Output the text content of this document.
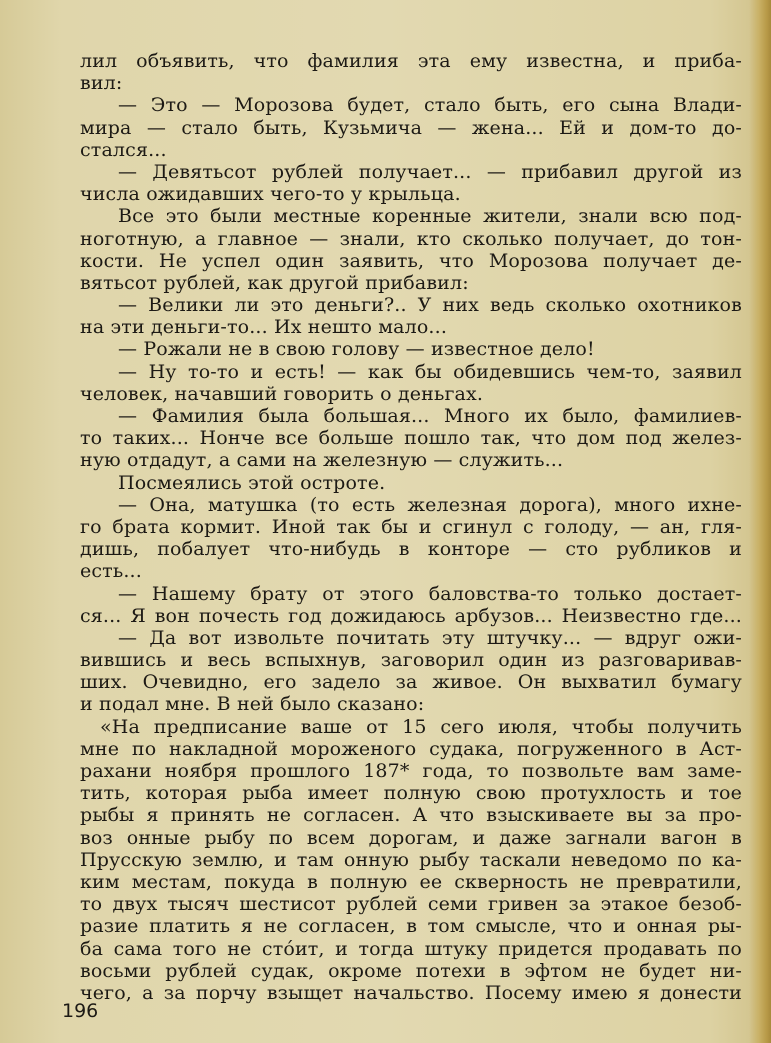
лил объявить, что фамилия эта ему известна, и приба-
вил:
— Это — Морозова будет, стало быть, его сына Влади-
мира — стало быть, Кузьмича — жена... Ей и дом-то до-
стался...
— Девятьсот рублей получает... — прибавил другой из
числа ожидавших чего-то у крыльца.
Все это были местные коренные жители, знали всю под-
ноготную, а главное — знали, кто сколько получает, до тон-
кости. Не успел один заявить, что Морозова получает де-
вятьсот рублей, как другой прибавил:
— Велики ли это деньги?.. У них ведь сколько охотников
на эти деньги-то... Их нешто мало...
— Рожали не в свою голову — известное дело!
— Ну то-то и есть! — как бы обидевшись чем-то, заявил
человек, начавший говорить о деньгах.
— Фамилия была большая... Много их было, фамилиев-
то таких... Нонче все больше пошло так, что дом под желез-
ную отдадут, а сами на железную — служить...
Посмеялись этой остроте.
— Она, матушка (то есть железная дорога), много ихне-
го брата кормит. Иной так бы и сгинул с голоду, — ан, гля-
дишь, побалует что-нибудь в конторе — сто рубликов и
есть...
— Нашему брату от этого баловства-то только достает-
ся... Я вон почесть год дожидаюсь арбузов... Неизвестно где...
— Да вот извольте почитать эту штучку... — вдруг ожи-
вившись и весь вспыхнув, заговорил один из разговаривав-
ших. Очевидно, его задело за живое. Он выхватил бумагу
и подал мне. В ней было сказано:
«На предписание ваше от 15 сего июля, чтобы получить
мне по накладной мороженого судака, погруженного в Аст-
рахани ноября прошлого 187* года, то позвольте вам заме-
тить, которая рыба имеет полную свою протухлость и тое
рыбы я принять не согласен. А что взыскиваете вы за про-
воз онные рыбу по всем дорогам, и даже загнали вагон в
Прусскую землю, и там онную рыбу таскали неведомо по ка-
ким местам, покуда в полную ее скверность не превратили,
то двух тысяч шестисот рублей семи гривен за этакое безоб-
разие платить я не согласен, в том смысле, что и онная ры-
ба сама того не сто́ит, и тогда штуку придется продавать по
восьми рублей судак, окроме потехи в эфтом не будет ни-
чего, а за порчу взыщет начальство. Посему имею я донести
196
